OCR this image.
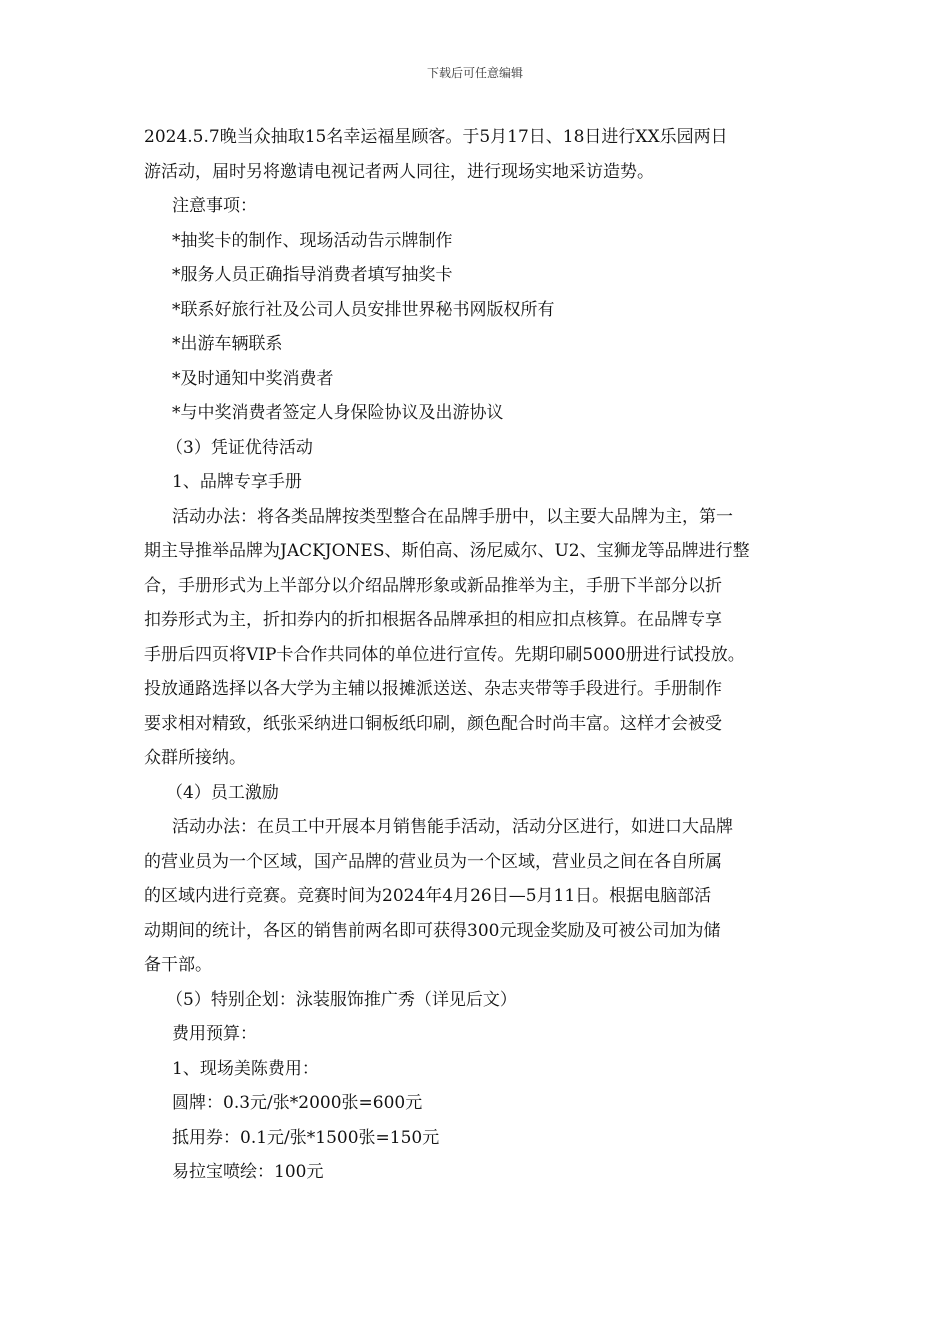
下载后可任意编辑

2024.5.7晚当众抽取15名幸运福星顾客。于5月17日、18日进行XX乐园两日

游活动，届时另将邀请电视记者两人同往，进行现场实地采访造势。

注意事项：

*抽奖卡的制作、现场活动告示牌制作

*服务人员正确指导消费者填写抽奖卡

*联系好旅行社及公司人员安排世界秘书网版权所有

*出游车辆联系

*及时通知中奖消费者

*与中奖消费者签定人身保险协议及出游协议

（3）凭证优待活动

1、品牌专享手册

活动办法：将各类品牌按类型整合在品牌手册中，以主要大品牌为主，第一

期主导推举品牌为JACKJONES、斯伯高、汤尼威尔、U2、宝狮龙等品牌进行整

合，手册形式为上半部分以介绍品牌形象或新品推举为主，手册下半部分以折

扣券形式为主，折扣券内的折扣根据各品牌承担的相应扣点核算。在品牌专享

手册后四页将VIP卡合作共同体的单位进行宣传。先期印刷5000册进行试投放。

投放通路选择以各大学为主辅以报摊派送送、杂志夹带等手段进行。手册制作

要求相对精致，纸张采纳进口铜板纸印刷，颜色配合时尚丰富。这样才会被受

众群所接纳。

（4）员工激励

活动办法：在员工中开展本月销售能手活动，活动分区进行，如进口大品牌

的营业员为一个区域，国产品牌的营业员为一个区域，营业员之间在各自所属

的区域内进行竞赛。竞赛时间为2024年4月26日—5月11日。根据电脑部活

动期间的统计，各区的销售前两名即可获得300元现金奖励及可被公司加为储

备干部。

（5）特别企划：泳装服饰推广秀（详见后文）

费用预算：

1、现场美陈费用：

圆牌：0.3元/张*2000张=600元

抵用券：0.1元/张*1500张=150元

易拉宝喷绘：100元
